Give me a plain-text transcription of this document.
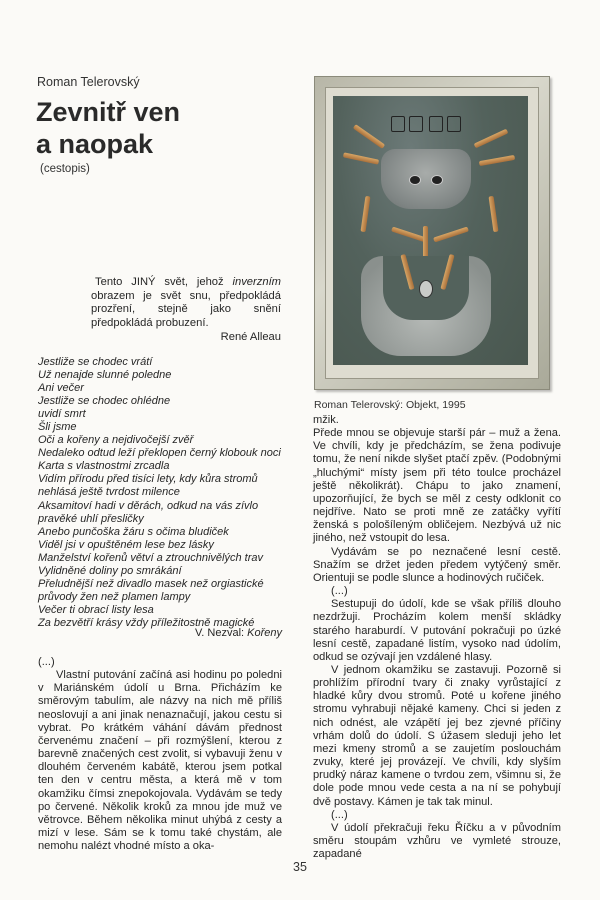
Roman Telerovský
Zevnitř ven
a naopak
(cestopis)
Tento JINÝ svět, jehož inverzním obrazem je svět snu, předpokládá prozření, stejně jako snění předpokládá probuzení.
René Alleau
Jestliže se chodec vrátí
Už nenajde slunné poledne
Ani večer
Jestliže se chodec ohlédne
uvidí smrt
Šli jsme
Oči a kořeny a nejdivočejší zvěř
Nedaleko odtud leží překlopen černý klobouk noci
Karta s vlastnostmi zrcadla
Vidím přírodu před tisíci lety, kdy kůra stromů
nehlásá ještě tvrdost milence
Aksamitoví hadi v děrách, odkud na vás zívlo
pravěké uhlí přesličky
Anebo punčoška žáru s očima bludiček
Viděl jsi v opuštěném lese bez lásky
Manželství kořenů větví a ztrouchnivělých trav
Vylidněné doliny po smrákání
Přeludnější než divadlo masek než orgiastické
průvody žen než plamen lampy
Večer ti obrací listy lesa
Za bezvětří krásy vždy příležitostně magické
V. Nezval: Kořeny

(...)

Vlastní putování začíná asi hodinu po poledni v Mariánském údolí u Brna. Přicházím ke směrovým tabulím, ale názvy na nich mě příliš neoslovují a ani jinak nenaznačují, jakou cestu si vybrat. Po krátkém váhání dávám přednost červenému značení – při rozmýšlení, kterou z barevně značených cest zvolit, si vybavuji ženu v dlouhém červeném kabátě, kterou jsem potkal ten den v centru města, a která mě v tom okamžiku čímsi znepokojovala. Vydávám se tedy po červené. Několik kroků za mnou jde muž ve větrovce. Během několika minut uhýbá z cesty a mizí v lese. Sám se k tomu také chystám, ale nemohu nalézt vhodné místo a oka-

Roman Telerovský: Objekt, 1995

mžik.

Přede mnou se objevuje starší pár – muž a žena. Ve chvíli, kdy je předcházím, se žena podivuje tomu, že není nikde slyšet ptačí zpěv. (Podobnými „hluchými“ místy jsem při této toulce procházel ještě několikrát). Chápu to jako znamení, upozorňující, že bych se měl z cesty odklonit co nejdříve. Nato se proti mně ze zatáčky vyřítí ženská s pološíleným obličejem. Nezbývá už nic jiného, než vstoupit do lesa.

Vydávám se po neznačené lesní cestě. Snažím se držet jeden předem vytýčený směr. Orientuji se podle slunce a hodinových ručiček.

(...)

Sestupuji do údolí, kde se však příliš dlouho nezdržuji. Procházím kolem menší skládky starého haraburdí. V putování pokračuji po úzké lesní cestě, zapadané listím, vysoko nad údolím, odkud se ozývají jen vzdálené hlasy.

V jednom okamžiku se zastavuji. Pozorně si prohlížím přírodní tvary či znaky vyrůstající z hladké kůry dvou stromů. Poté u kořene jiného stromu vyhrabuji nějaké kameny. Chci si jeden z nich odnést, ale vzápětí jej bez zjevné příčiny vrhám dolů do údolí. S úžasem sleduji jeho let mezi kmeny stromů a se zaujetím poslouchám zvuky, které jej provázejí. Ve chvíli, kdy slyším prudký náraz kamene o tvrdou zem, všimnu si, že dole pode mnou vede cesta a na ní se pohybují dvě postavy. Kámen je tak tak minul.

(...)

V údolí překračuji řeku Říčku a v původním směru stoupám vzhůru ve vymleté strouze, zapadané

35
